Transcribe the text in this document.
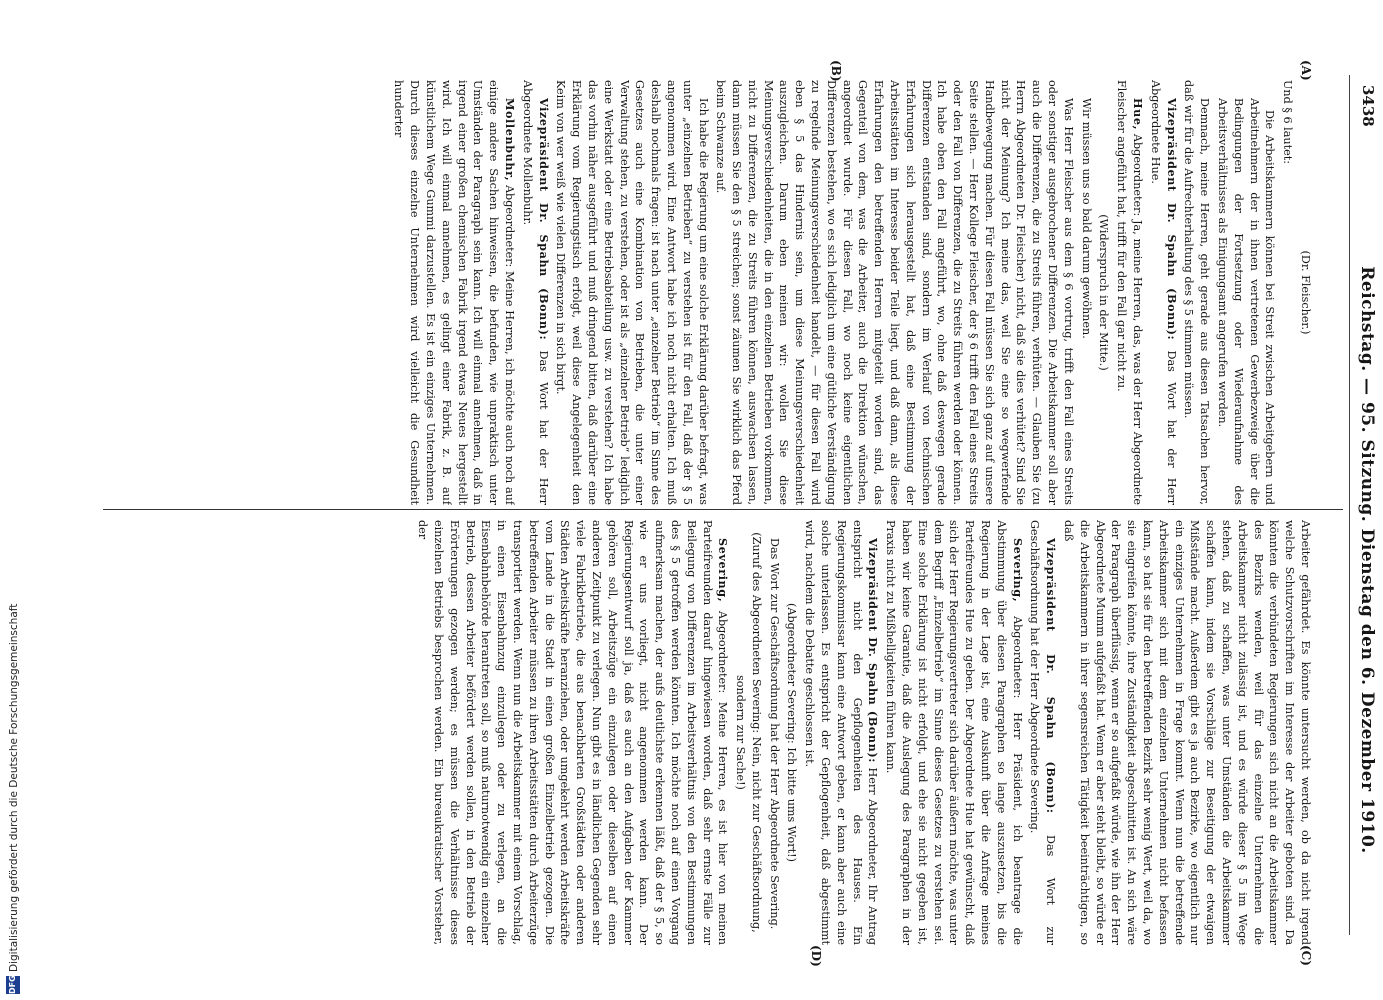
3438
Reichstag. — 95. Sitzung. Dienstag den 6. Dezember 1910.
(A)
(B)
(C)
(D)

(Dr. Fleischer.)

Und § 6 lautet:

Die Arbeitskammern können bei Streit zwischen Arbeitgebern und Arbeitnehmern der in ihnen vertretenen Gewerbezweige über die Bedingungen der Fortsetzung oder Wiederaufnahme des Arbeitsverhältnisses als Einigungsamt angerufen werden.

Demnach, meine Herren, geht gerade aus diesen Tatsachen hervor, daß wir für die Aufrechterhaltung des § 5 stimmen müssen.

Vizepräsident Dr. Spahn (Bonn): Das Wort hat der Herr Abgeordnete Hue.

Hue, Abgeordneter: Ja, meine Herren, das, was der Herr Abgeordnete Fleischer angeführt hat, trifft für den Fall gar nicht zu.

(Widerspruch in der Mitte.)

Wir müssen uns so bald darum gewöhnen.

Was Herr Fleischer aus dem § 6 vortrug, trifft den Fall eines Streits oder sonstiger ausgebrochener Differenzen. Die Arbeitskammer soll aber auch die Differenzen, die zu Streits führen, verhüten. — Glauben Sie (zu Herrn Abgeordneten Dr. Fleischer) nicht, daß sie dies verhütet? Sind Sie nicht der Meinung? Ich meine das, weil Sie eine so wegwerfende Handbewegung machen. Für diesen Fall müssen Sie sich ganz auf unsere Seite stellen. — Herr Kollege Fleischer, der § 6 trifft den Fall eines Streits oder den Fall von Differenzen, die zu Streits führen werden oder können. Ich habe oben den Fall angeführt, wo, ohne daß deswegen gerade Differenzen entstanden sind, sondern im Verlauf von technischen Erfahrungen sich herausgestellt hat, daß eine Bestimmung der Arbeitsstätten im Interesse beider Teile liegt, und daß dann, als diese Erfahrungen den betreffenden Herren mitgeteilt worden sind, das Gegenteil von dem, was die Arbeiter, auch die Direktion wünschen, angeordnet wurde. Für diesen Fall, wo noch keine eigentlichen Differenzen bestehen, wo es sich lediglich um eine gütliche Verständigung zu regelnde Meinungsverschiedenheit handelt, — für diesen Fall wird eben § 5 das Hindernis sein, um diese Meinungsverschiedenheit auszugleichen. Darum eben meinen wir: wollen Sie diese Meinungsverschiedenheiten, die in den einzelnen Betrieben vorkommen, nicht zu Differenzen, die zu Streits führen können, auswachsen lassen, dann müssen Sie den § 5 streichen; sonst zäumen Sie wirklich das Pferd beim Schwanze auf.

Ich habe die Regierung um eine solche Erklärung darüber befragt, was unter „einzelnen Betrieben“ zu verstehen ist für den Fall, daß der § 5 angenommen wird. Eine Antwort habe ich noch nicht erhalten. Ich muß deshalb nochmals fragen: ist nach unter „einzelner Betrieb“ im Sinne des Gesetzes auch eine Kombination von Betrieben, die unter einer Verwaltung stehen, zu verstehen, oder ist als „einzelner Betrieb“ lediglich eine Werkstatt oder eine Betriebsabteilung usw. zu verstehen? Ich habe das vorhin näher ausgeführt und muß dringend bitten, daß darüber eine Erklärung vom Regierungstisch erfolgt, weil diese Angelegenheit den Keim von wer weiß wie vielen Differenzen in sich birgt.

Vizepräsident Dr. Spahn (Bonn): Das Wort hat der Herr Abgeordnete Mollenbuhr.

Mollenbuhr, Abgeordneter: Meine Herren, ich möchte auch noch auf einige andere Sachen hinweisen, die befunden, wie unpraktisch unter Umständen der Paragraph sein kann. Ich will einmal annehmen, daß in irgend einer großen chemischen Fabrik irgend etwas Neues hergestellt wird. Ich will einmal annehmen, es gelingt einer Fabrik, z. B. auf künstlichem Wege Gummi darzustellen. Es ist ein einziges Unternehmen. Durch dieses einzelne Unternehmen wird vielleicht die Gesundheit hunderter

Arbeiter gefährdet. Es könnte untersucht werden, ob da nicht irgend welche Schutzvorschriften im Interesse der Arbeiter geboten sind. Da könnten die verbündeten Regierungen sich nicht an die Arbeitskammer des Bezirks wenden, weil für das einzelne Unternehmen die Arbeitskammer nicht zulässig ist, und es würde dieser § 5 im Wege stehen, daß zu schaffen, was unter Umständen die Arbeitskammer schaffen kann, indem sie Vorschläge zur Beseitigung der etwaigen Mißstände macht. Außerdem gibt es ja auch Bezirke, wo eigentlich nur ein einziges Unternehmen in Frage kommt. Wenn nun die betreffende Arbeitskammer sich mit dem einzelnen Unternehmen nicht befassen kann, so hat sie für den betreffenden Bezirk sehr wenig Wert, weil da, wo sie eingreifen könnte, ihre Zuständigkeit abgeschnitten ist. An sich wäre der Paragraph überflüssig, wenn er so aufgefaßt würde, wie ihn der Herr Abgeordnete Mumm aufgefaßt hat. Wenn er aber steht bleibt, so würde er die Arbeitskammern in ihrer segensreichen Tätigkeit beeinträchtigen, so daß

Vizepräsident Dr. Spahn (Bonn): Das Wort zur Geschäftsordnung hat der Herr Abgeordnete Severing.

Severing, Abgeordneter: Herr Präsident, ich beantrage die Abstimmung über diesen Paragraphen so lange auszusetzen, bis die Regierung in der Lage ist, eine Auskunft über die Anfrage meines Parteifreundes Hue zu geben. Der Abgeordnete Hue hat gewünscht, daß sich der Herr Regierungsvertreter sich darüber äußern möchte, was unter dem Begriff „Einzelbetrieb“ im Sinne dieses Gesetzes zu verstehen sei. Eine solche Erklärung ist nicht erfolgt, und ehe sie nicht gegeben ist, haben wir keine Garantie, daß die Auslegung des Paragraphen in der Praxis nicht zu Mißhelligkeiten führen kann.

Vizepräsident Dr. Spahn (Bonn): Herr Abgeordneter, Ihr Antrag entspricht nicht den Gepflogenheiten des Hauses. Ein Regierungskommissar kann eine Antwort geben, er kann aber auch eine solche unterlassen. Es entspricht der Gepflogenheit, daß abgestimmt wird, nachdem die Debatte geschlossen ist.

(Abgeordneter Severing: Ich bitte ums Wort!)

Das Wort zur Geschäftsordnung hat der Herr Abgeordnete Severing.

(Zuruf des Abgeordneten Severing: Nein, nicht zur Geschäftsordnung, sondern zur Sache!)

Severing, Abgeordneter: Meine Herren, es ist hier von meinen Parteifreunden darauf hingewiesen worden, daß sehr ernste Fälle zur Beilegung von Differenzen im Arbeitsverhältnis von den Bestimmungen des § 5 getroffen werden könnten. Ich möchte noch auf einen Vorgang aufmerksam machen, der aufs deutlichste erkennen läßt, daß der § 5, so wie er uns vorliegt, nicht angenommen werden kann. Der Regierungsentwurf soll ja, daß es auch an den Aufgaben der Kammer gehören soll, Arbeitszüge ein einzulegen oder dieselben auf einen anderen Zeitpunkt zu verlegen. Nun gibt es in ländlichen Gegenden sehr viele Fabrikbetriebe, die aus benachbarten Großstädten oder anderen Städten Arbeitskräfte heranziehen, oder umgekehrt werden Arbeitskräfte vom Lande in die Stadt in einen großen Einzelbetrieb gezogen. Die betreffenden Arbeiter müssen zu ihren Arbeitsstätten durch Arbeiterzüge transportiert werden. Wenn nun die Arbeitskammer mit einem Vorschlag, in einen Eisenbahnzug einzulegen oder zu verlegen, an die Eisenbahnbehörde herantreten soll, so muß naturnotwendig ein einzelner Betrieb, dessen Arbeiter befördert werden sollen, in den Betrieb der Erörterungen gezogen werden; es müssen die Verhältnisse dieses einzelnen Betriebs besprochen werden. Ein bureaukratischer Vorsteher, der

DFG
Digitalisierung gefördert durch die Deutsche Forschungsgemeinschaft
